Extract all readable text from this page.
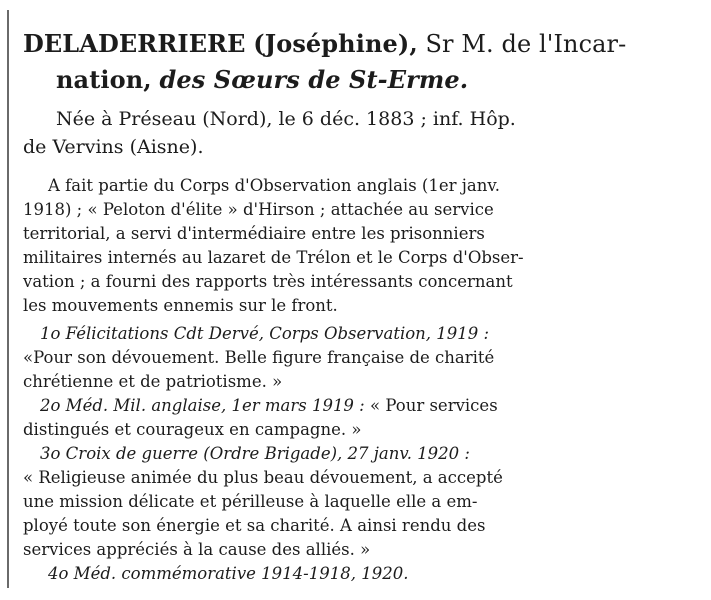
DELADERRIERE (Joséphine), Sr M. de l'Incar-
nation, des Sœurs de St-Erme.
Née à Préseau (Nord), le 6 déc. 1883 ; inf. Hôp.
de Vervins (Aisne).
A fait partie du Corps d'Observation anglais (1er janv.
1918) ; « Peloton d'élite » d'Hirson ; attachée au service
territorial, a servi d'intermédiaire entre les prisonniers
militaires internés au lazaret de Trélon et le Corps d'Obser-
vation ; a fourni des rapports très intéressants concernant
les mouvements ennemis sur le front.
1o Félicitations Cdt Dervé, Corps Observation, 1919 :
«Pour son dévouement. Belle figure française de charité
chrétienne et de patriotisme. »
2o Méd. Mil. anglaise, 1er mars 1919 : « Pour services
distingués et courageux en campagne. »
3o Croix de guerre (Ordre Brigade), 27 janv. 1920 :
« Religieuse animée du plus beau dévouement, a accepté
une mission délicate et périlleuse à laquelle elle a em-
ployé toute son énergie et sa charité. A ainsi rendu des
services appréciés à la cause des alliés. »
4o Méd. commémorative 1914-1918, 1920.
